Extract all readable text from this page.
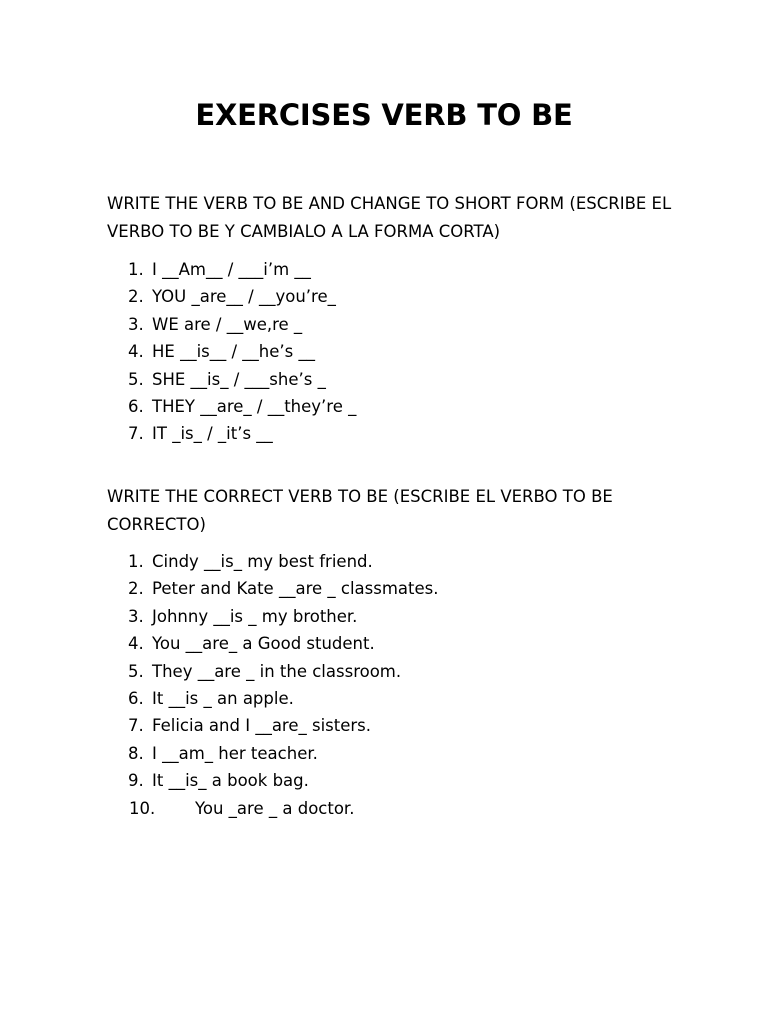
EXERCISES VERB TO BE
WRITE THE VERB TO BE AND CHANGE TO SHORT FORM (ESCRIBE EL
VERBO TO BE Y CAMBIALO A LA FORMA CORTA)
1. I __Am__ / ___i’m __
2. YOU _are__ / __you’re_
3. WE are / __we,re _
4. HE __is__ / __he’s __
5. SHE __is_ / ___she’s _
6. THEY __are_ / __they’re _
7. IT _is_ / _it’s __
WRITE THE CORRECT VERB TO BE (ESCRIBE EL VERBO TO BE
CORRECTO)
1. Cindy __is_ my best friend.
2. Peter and Kate __are _ classmates.
3. Johnny __is _ my brother.
4. You __are_ a Good student.
5. They __are _ in the classroom.
6. It __is _ an apple.
7. Felicia and I __are_ sisters.
8. I __am_ her teacher.
9. It __is_ a book bag.
10. You _are _ a doctor.
